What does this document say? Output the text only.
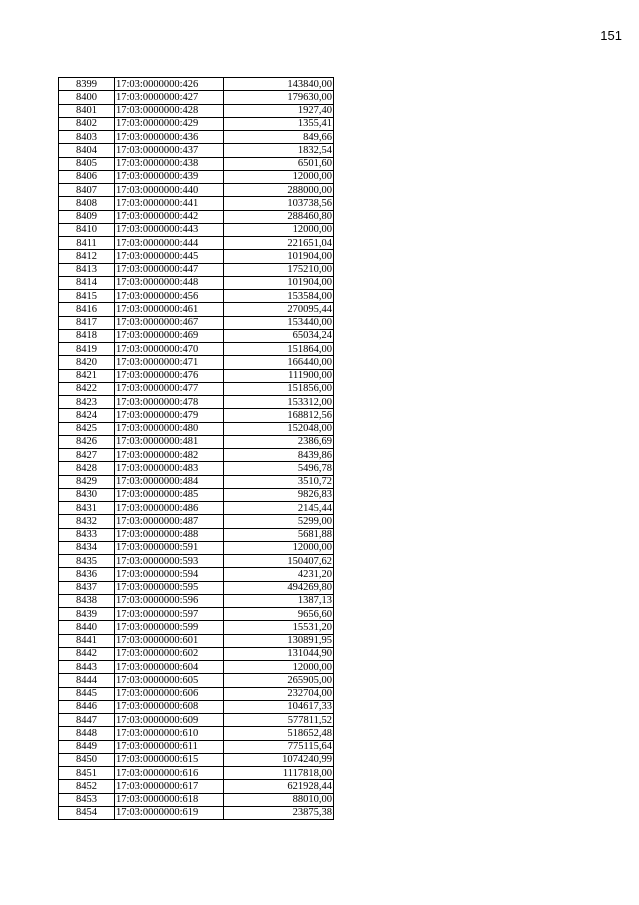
151
8399	17:03:0000000:426	143840,00
8400	17:03:0000000:427	179630,00
8401	17:03:0000000:428	1927,40
8402	17:03:0000000:429	1355,41
8403	17:03:0000000:436	849,66
8404	17:03:0000000:437	1832,54
8405	17:03:0000000:438	6501,60
8406	17:03:0000000:439	12000,00
8407	17:03:0000000:440	288000,00
8408	17:03:0000000:441	103738,56
8409	17:03:0000000:442	288460,80
8410	17:03:0000000:443	12000,00
8411	17:03:0000000:444	221651,04
8412	17:03:0000000:445	101904,00
8413	17:03:0000000:447	175210,00
8414	17:03:0000000:448	101904,00
8415	17:03:0000000:456	153584,00
8416	17:03:0000000:461	270095,44
8417	17:03:0000000:467	153440,00
8418	17:03:0000000:469	65034,24
8419	17:03:0000000:470	151864,00
8420	17:03:0000000:471	166440,00
8421	17:03:0000000:476	111900,00
8422	17:03:0000000:477	151856,00
8423	17:03:0000000:478	153312,00
8424	17:03:0000000:479	168812,56
8425	17:03:0000000:480	152048,00
8426	17:03:0000000:481	2386,69
8427	17:03:0000000:482	8439,86
8428	17:03:0000000:483	5496,78
8429	17:03:0000000:484	3510,72
8430	17:03:0000000:485	9826,83
8431	17:03:0000000:486	2145,44
8432	17:03:0000000:487	5299,00
8433	17:03:0000000:488	5681,88
8434	17:03:0000000:591	12000,00
8435	17:03:0000000:593	150407,62
8436	17:03:0000000:594	4231,20
8437	17:03:0000000:595	494269,80
8438	17:03:0000000:596	1387,13
8439	17:03:0000000:597	9656,60
8440	17:03:0000000:599	15531,20
8441	17:03:0000000:601	130891,95
8442	17:03:0000000:602	131044,90
8443	17:03:0000000:604	12000,00
8444	17:03:0000000:605	265905,00
8445	17:03:0000000:606	232704,00
8446	17:03:0000000:608	104617,33
8447	17:03:0000000:609	577811,52
8448	17:03:0000000:610	518652,48
8449	17:03:0000000:611	775115,64
8450	17:03:0000000:615	1074240,99
8451	17:03:0000000:616	1117818,00
8452	17:03:0000000:617	621928,44
8453	17:03:0000000:618	88010,00
8454	17:03:0000000:619	23875,38
